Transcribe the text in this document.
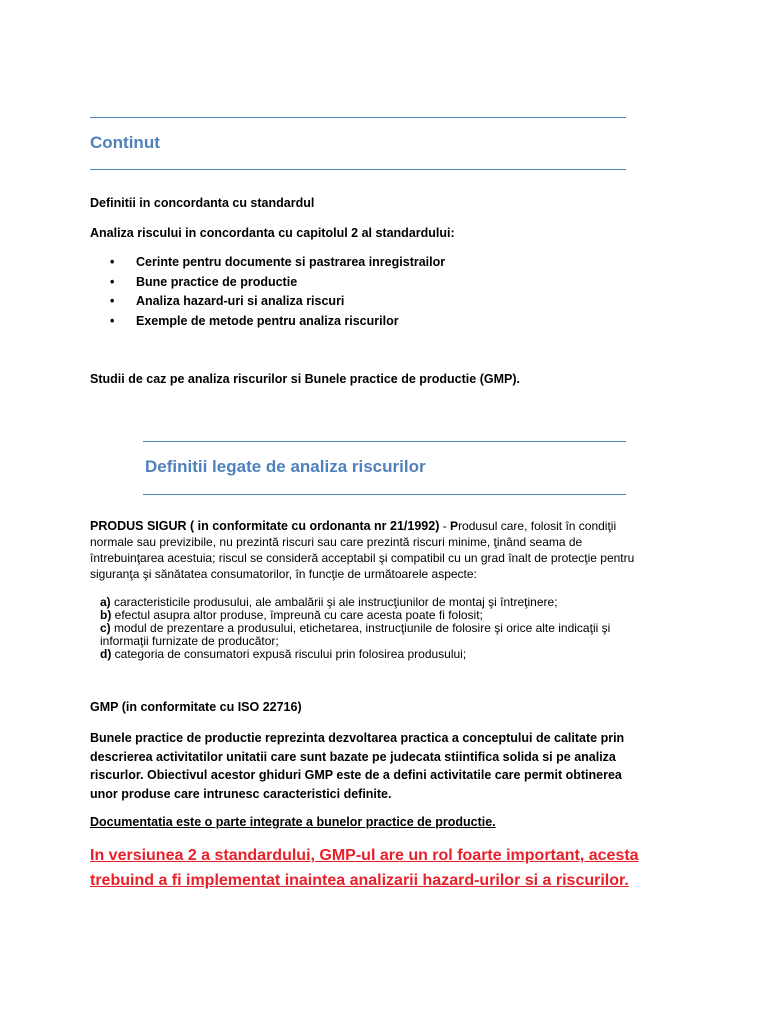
Continut

Definitii in concordanta cu standardul

Analiza riscului in concordanta cu capitolul 2 al standardului:

• Cerinte pentru documente si pastrarea inregistrailor
• Bune practice de productie
• Analiza hazard-uri si analiza riscuri
• Exemple de metode pentru analiza riscurilor

Studii de caz pe analiza riscurilor si Bunele practice de productie (GMP).

Definitii legate de analiza riscurilor

PRODUS SIGUR ( in conformitate cu ordonanta nr 21/1992) - Produsul care, folosit în condiţii normale sau previzibile, nu prezintă riscuri sau care prezintă riscuri minime, ţinând seama de întrebuinţarea acestuia; riscul se consideră acceptabil şi compatibil cu un grad înalt de protecţie pentru siguranţa şi sănătatea consumatorilor, în funcţie de următoarele aspecte:

a) caracteristicile produsului, ale ambalării şi ale instrucţiunilor de montaj şi întreţinere;
b) efectul asupra altor produse, împreună cu care acesta poate fi folosit;
c) modul de prezentare a produsului, etichetarea, instrucţiunile de folosire şi orice alte indicaţii şi informaţii furnizate de producător;
d) categoria de consumatori expusă riscului prin folosirea produsului;

GMP (in conformitate cu ISO 22716)

Bunele practice de productie reprezinta dezvoltarea practica a conceptului de calitate prin descrierea activitatilor unitatii care sunt bazate pe judecata stiintifica solida si pe analiza riscurlor. Obiectivul acestor ghiduri GMP este de a defini activitatile care permit obtinerea unor produse care intrunesc caracteristici definite.

Documentatia este o parte integrate a bunelor practice de productie.

In versiunea 2 a standardului, GMP-ul are un rol foarte important, acesta trebuind a fi implementat inaintea analizarii hazard-urilor si a riscurilor.
